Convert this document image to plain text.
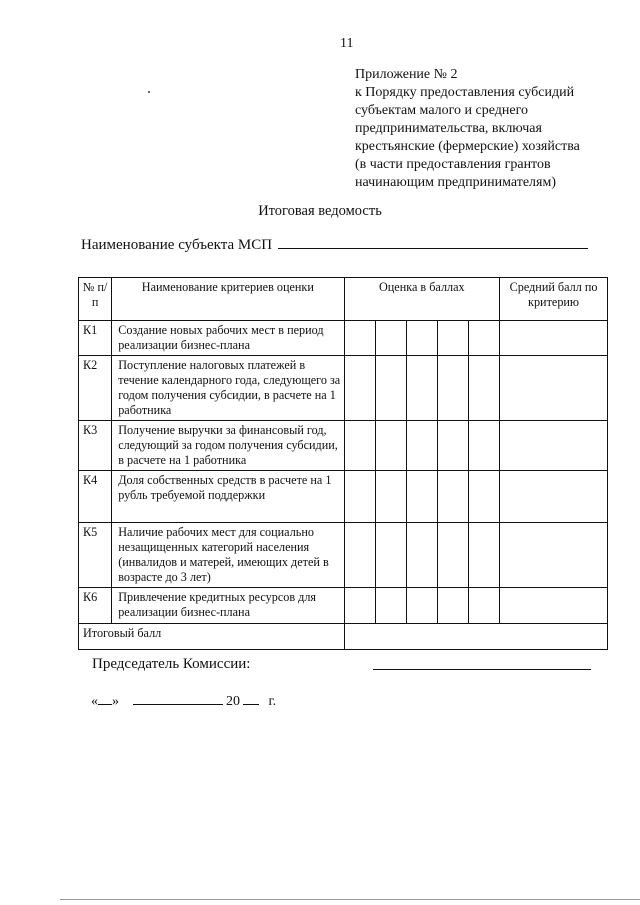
11
Приложение № 2
к Порядку предоставления субсидий
субъектам малого и среднего
предпринимательства, включая
крестьянские (фермерские) хозяйства
(в части предоставления грантов
начинающим предпринимателям)
Итоговая ведомость
Наименование субъекта МСП
№ п/п	Наименование критериев оценки	Оценка в баллах					Средний балл по критерию
К1	Создание новых рабочих мест в период реализации бизнес-плана						
К2	Поступление налоговых платежей в течение календарного года, следующего за годом получения субсидии, в расчете на 1 работника						
К3	Получение выручки за финансовый год, следующий за годом получения субсидии, в расчете на 1 работника						
К4	Доля собственных средств в расчете на 1 рубль требуемой поддержки						
К5	Наличие рабочих мест для социально незащищенных категорий населения (инвалидов и матерей, имеющих детей в возрасте до 3 лет)						
К6	Привлечение кредитных ресурсов для реализации бизнес-плана						
Итоговый балл							
Председатель Комиссии:
« »	20 г.
